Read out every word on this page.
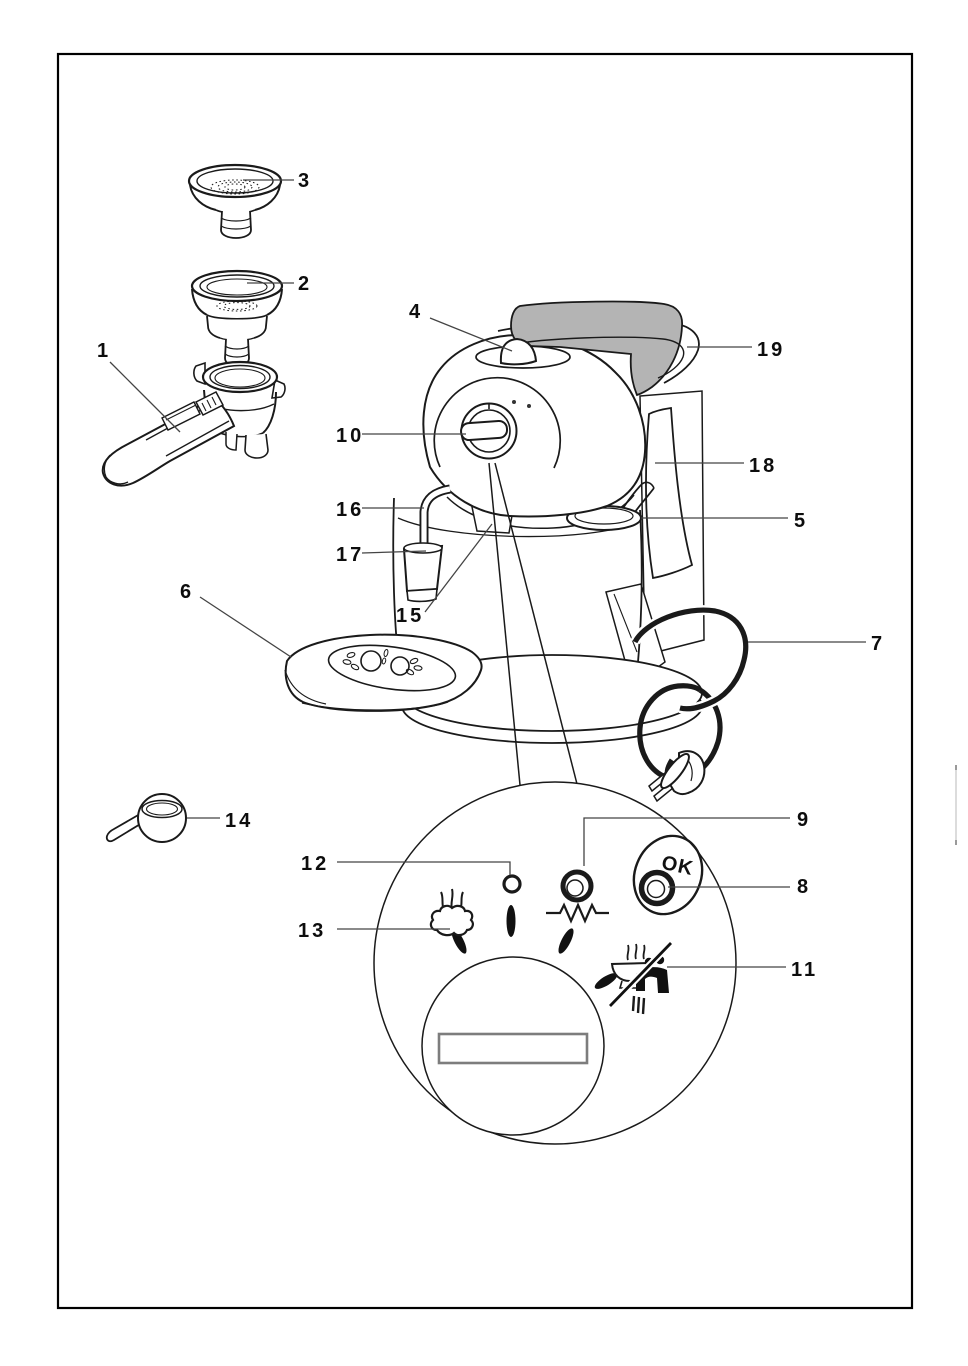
OK
3
2
1
4
19
10
18
16	5
17
6
15
7
9
14
12
8
13
11
